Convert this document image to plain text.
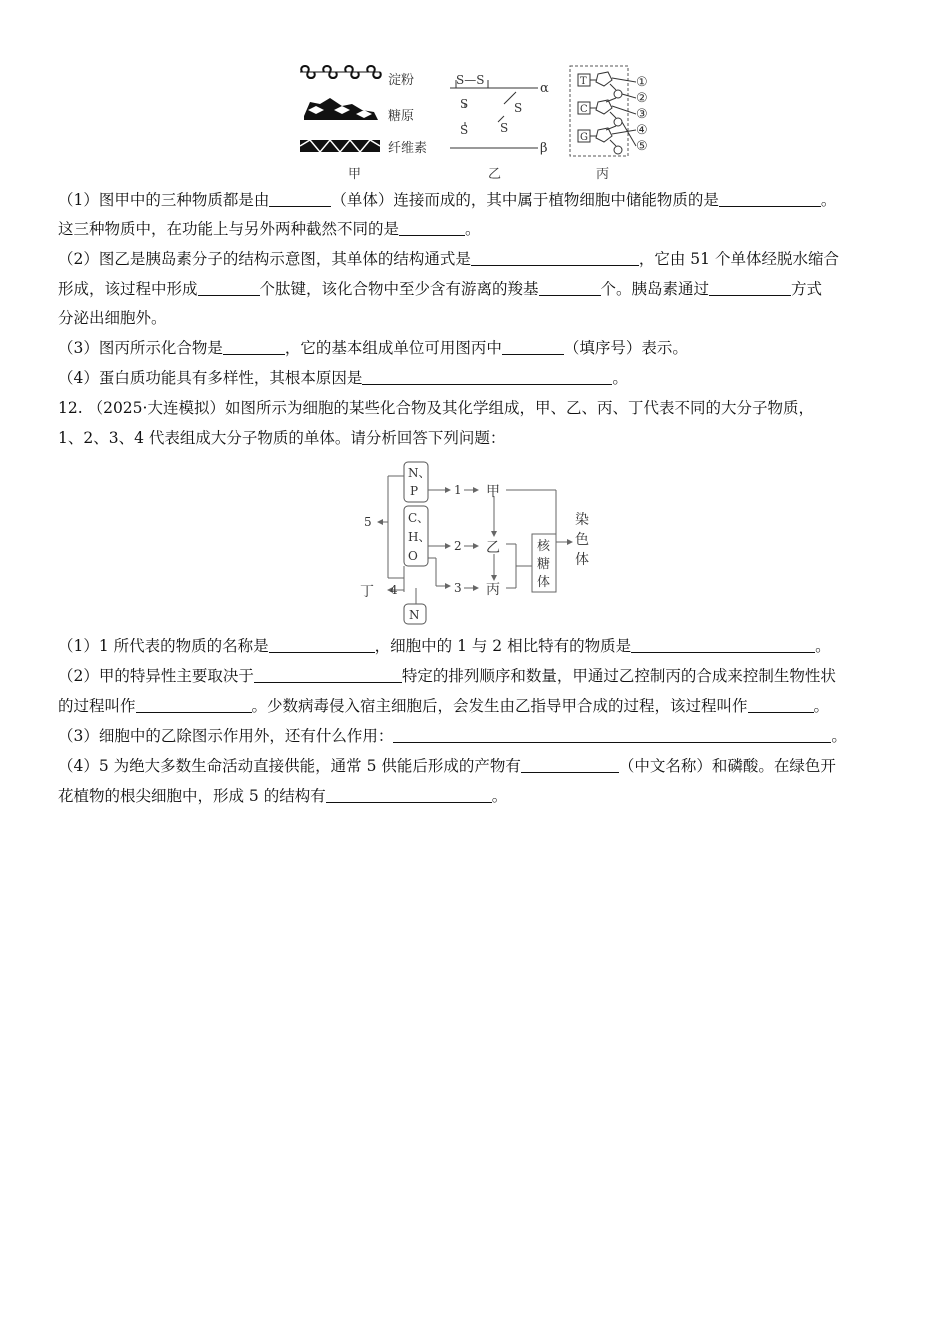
淀粉
糖原
纤维素
甲
S—S
S
S
S
S
α
β
乙
T
C
G
①
②
③
④
⑤
丙
（1）图甲中的三种物质都是由	（单体）连接而成的，其中属于植物细胞中储能物质的是	。
这三种物质中，在功能上与另外两种截然不同的是	。
（2）图乙是胰岛素分子的结构示意图，其单体的结构通式是	，它由 51 个单体经脱水缩合
形成，该过程中形成	个肽键，该化合物中至少含有游离的羧基	个。胰岛素通过	方式
分泌出细胞外。
（3）图丙所示化合物是	，它的基本组成单位可用图丙中	（填序号）表示。
（4）蛋白质功能具有多样性，其根本原因是	。
12. （2025·大连模拟）如图所示为细胞的某些化合物及其化学组成，甲、乙、丙、丁代表不同的大分子物质，
1、2、3、4 代表组成大分子物质的单体。请分析回答下列问题：
N、
P
C、
H、
O
N
1
2
3
4
5
甲
乙
丙
丁
核
糖
体
染
色
体
（1）1 所代表的物质的名称是	，细胞中的 1 与 2 相比特有的物质是	。
（2）甲的特异性主要取决于	特定的排列顺序和数量，甲通过乙控制丙的合成来控制生物性状
的过程叫作	。少数病毒侵入宿主细胞后，会发生由乙指导甲合成的过程，该过程叫作	。
（3）细胞中的乙除图示作用外，还有什么作用：	。
（4）5 为绝大多数生命活动直接供能，通常 5 供能后形成的产物有	（中文名称）和磷酸。在绿色开
花植物的根尖细胞中，形成 5 的结构有	。
